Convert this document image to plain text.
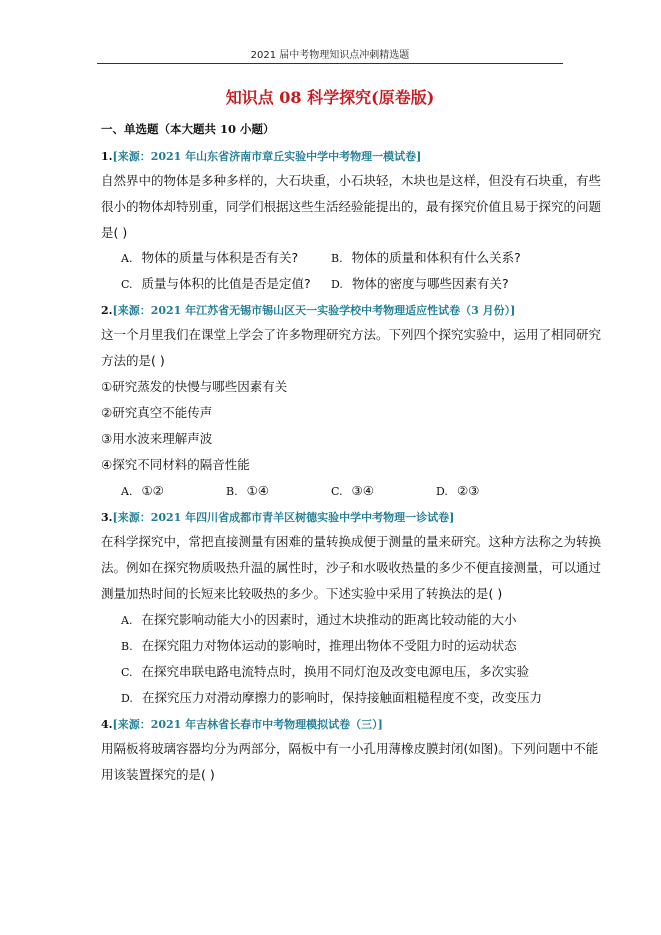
2021 届中考物理知识点冲刺精选题
知识点 08 科学探究(原卷版)
一、单选题（本大题共 10 小题）
1.[来源：2021 年山东省济南市章丘实验中学中考物理一模试卷]
自然界中的物体是多种多样的，大石块重，小石块轻，木块也是这样，但没有石块重，有些
很小的物体却特别重，同学们根据这些生活经验能提出的，最有探究价值且易于探究的问题
是( )
A. 物体的质量与体积是否有关?	B. 物体的质量和体积有什么关系?
C. 质量与体积的比值是否是定值? D. 物体的密度与哪些因素有关?
2.[来源：2021 年江苏省无锡市锡山区天一实验学校中考物理适应性试卷（3 月份）]
这一个月里我们在课堂上学会了许多物理研究方法。下列四个探究实验中，运用了相同研究
方法的是( )
①研究蒸发的快慢与哪些因素有关
②研究真空不能传声
③用水波来理解声波
④探究不同材料的隔音性能
A. ①②	B. ①④	C. ③④	D. ②③
3.[来源：2021 年四川省成都市青羊区树德实验中学中考物理一诊试卷]
在科学探究中，常把直接测量有困难的量转换成便于测量的量来研究。这种方法称之为转换
法。例如在探究物质吸热升温的属性时，沙子和水吸收热量的多少不便直接测量，可以通过
测量加热时间的长短来比较吸热的多少。下述实验中采用了转换法的是( )
A. 在探究影响动能大小的因素时，通过木块推动的距离比较动能的大小
B. 在探究阻力对物体运动的影响时，推理出物体不受阻力时的运动状态
C. 在探究串联电路电流特点时，换用不同灯泡及改变电源电压，多次实验
D. 在探究压力对滑动摩擦力的影响时，保持接触面粗糙程度不变，改变压力
4.[来源：2021 年吉林省长春市中考物理模拟试卷（三）]
用隔板将玻璃容器均分为两部分，隔板中有一小孔用薄橡皮膜封闭(如图)。下列问题中不能
用该装置探究的是( )
